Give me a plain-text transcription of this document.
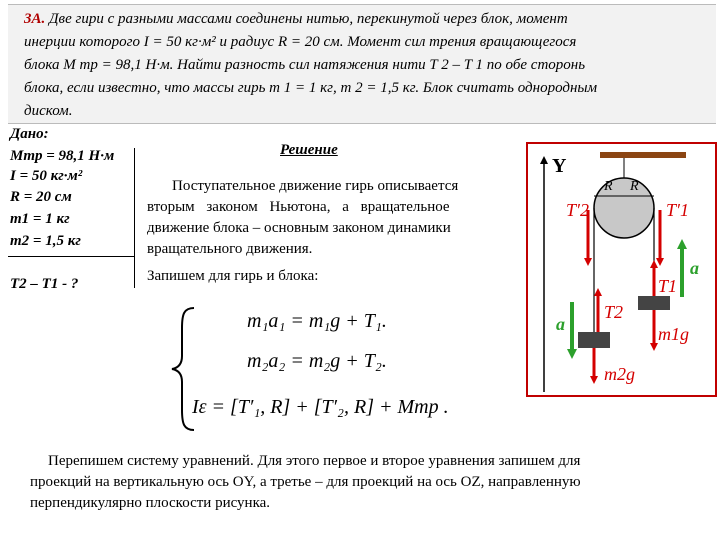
3А. Две гири с разными массами соединены нитью, перекинутой через блок, момент
инерции которого I = 50 кг·м² и радиус R = 20 см. Момент сил трения вращающегося
блока M тр = 98,1 Н·м. Найти разность сил натяжения нити T 2 – T 1 по обе сторонь
блока, если известно, что массы гирь m 1 = 1 кг, m 2 = 1,5 кг. Блок считать однородным
диском.
Дано:
Mтр = 98,1 Н·м
I = 50 кг·м²
R = 20 см
m1 = 1 кг
m2 = 1,5 кг
T2 – T1 - ?
Решение
Поступательное движение гирь описывается
вторым законом Ньютона, а вращательное
движение блока – основным законом динамики
вращательного движения.
Запишем для гирь и блока:
m₁a₁ = m₁g + T₁.
m₂a₂ = m₂g + T₂.
Iε = [T′₁, R] + [T′₂, R] + Mтр .
Перепишем систему уравнений. Для этого первое и второе уравнения запишем для
проекций на вертикальную ось OY, а третье – для проекций на ось OZ, направленную
перпендикулярно плоскости рисунка.
Y
R R
T′2	T′1
a
T1
a
T2
m1g
m2g
